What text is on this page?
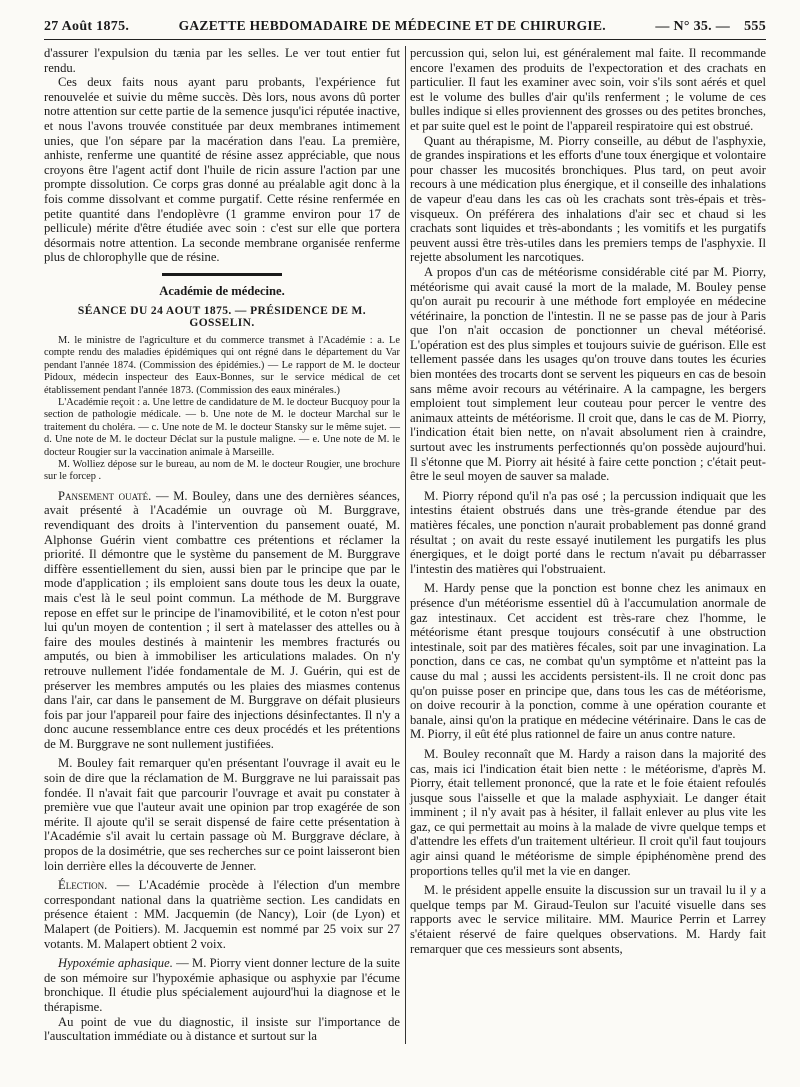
27 Août 1875.	GAZETTE HEBDOMADAIRE DE MÉDECINE ET DE CHIRURGIE.	— N° 35. — 555

d'assurer l'expulsion du tænia par les selles. Le ver tout entier fut rendu.

Ces deux faits nous ayant paru probants, l'expérience fut renouvelée et suivie du même succès. Dès lors, nous avons dû porter notre attention sur cette partie de la semence jusqu'ici réputée inactive, et nous l'avons trouvée constituée par deux membranes intimement unies, que l'on sépare par la macération dans l'eau. La première, anhiste, renferme une quantité de résine assez appréciable, que nous croyons être l'agent actif dont l'huile de ricin assure l'action par une prompte dissolution. Ce corps gras donné au préalable agit donc à la fois comme dissolvant et comme purgatif. Cette résine renfermée en petite quantité dans l'endoplèvre (1 gramme environ pour 17 de pellicule) mérite d'être étudiée avec soin : c'est sur elle que portera désormais notre attention. La seconde membrane organisée renferme plus de chlorophylle que de résine.

Académie de médecine.
SÉANCE DU 24 AOUT 1875. — PRÉSIDENCE DE M. GOSSELIN.

M. le ministre de l'agriculture et du commerce transmet à l'Académie : a. Le compte rendu des maladies épidémiques qui ont régné dans le département du Var pendant l'année 1874. (Commission des épidémies.) — Le rapport de M. le docteur Pidoux, médecin inspecteur des Eaux-Bonnes, sur le service médical de cet établissement pendant l'année 1873. (Commission des eaux minérales.)

L'Académie reçoit : a. Une lettre de candidature de M. le docteur Bucquoy pour la section de pathologie médicale. — b. Une note de M. le docteur Marchal sur le traitement du choléra. — c. Une note de M. le docteur Stansky sur le même sujet. — d. Une note de M. le docteur Déclat sur la pustule maligne. — e. Une note de M. le docteur Rougier sur la vaccination animale à Marseille.

M. Wolliez dépose sur le bureau, au nom de M. le docteur Rougier, une brochure sur le forcep .

Pansement ouaté. — M. Bouley, dans une des dernières séances, avait présenté à l'Académie un ouvrage où M. Burggrave, revendiquant des droits à l'intervention du pansement ouaté, M. Alphonse Guérin vient combattre ces prétentions et réclamer la priorité. Il démontre que le système du pansement de M. Burggrave diffère essentiellement du sien, aussi bien par le principe que par le mode d'application ; ils emploient sans doute tous les deux la ouate, mais c'est là le seul point commun. La méthode de M. Burggrave repose en effet sur le principe de l'inamovibilité, et le coton n'est pour lui qu'un moyen de contention ; il sert à matelasser des attelles ou à faire des moules destinés à maintenir les membres fracturés ou amputés, ou bien à immobiliser les articulations malades. On n'y retrouve nullement l'idée fondamentale de M. J. Guérin, qui est de préserver les membres amputés ou les plaies des miasmes contenus dans l'air, car dans le pansement de M. Burggrave on défait plusieurs fois par jour l'appareil pour faire des injections désinfectantes. Il n'y a donc aucune ressemblance entre ces deux procédés et les prétentions de M. Burggrave ne sont nullement justifiées.

M. Bouley fait remarquer qu'en présentant l'ouvrage il avait eu le soin de dire que la réclamation de M. Burggrave ne lui paraissait pas fondée. Il n'avait fait que parcourir l'ouvrage et avait pu constater à première vue que l'auteur avait une opinion par trop exagérée de son mérite. Il ajoute qu'il se serait dispensé de faire cette présentation à l'Académie s'il avait lu certain passage où M. Burggrave déclare, à propos de la dosimétrie, que ses recherches sur ce point laisseront bien loin derrière elles la découverte de Jenner.

Élection. — L'Académie procède à l'élection d'un membre correspondant national dans la quatrième section. Les candidats en présence étaient : MM. Jacquemin (de Nancy), Loir (de Lyon) et Malapert (de Poitiers). M. Jacquemin est nommé par 25 voix sur 27 votants. M. Malapert obtient 2 voix.

Hypoxémie aphasique. — M. Piorry vient donner lecture de la suite de son mémoire sur l'hypoxémie aphasique ou asphyxie par l'écume bronchique. Il étudie plus spécialement aujourd'hui la diagnose et le thérapisme.

Au point de vue du diagnostic, il insiste sur l'importance de l'auscultation immédiate ou à distance et surtout sur la

percussion qui, selon lui, est généralement mal faite. Il recommande encore l'examen des produits de l'expectoration et des crachats en particulier. Il faut les examiner avec soin, voir s'ils sont aérés et quel est le volume des bulles d'air qu'ils renferment ; le volume de ces bulles indique si elles proviennent des grosses ou des petites bronches, et par suite quel est le point de l'appareil respiratoire qui est obstrué.

Quant au thérapisme, M. Piorry conseille, au début de l'asphyxie, de grandes inspirations et les efforts d'une toux énergique et volontaire pour chasser les mucosités bronchiques. Plus tard, on peut avoir recours à une médication plus énergique, et il conseille des inhalations de vapeur d'eau dans les cas où les crachats sont très-épais et très-visqueux. On préférera des inhalations d'air sec et chaud si les crachats sont liquides et très-abondants ; les vomitifs et les purgatifs peuvent aussi être très-utiles dans les premiers temps de l'asphyxie. Il rejette absolument les narcotiques.

A propos d'un cas de météorisme considérable cité par M. Piorry, météorisme qui avait causé la mort de la malade, M. Bouley pense qu'on aurait pu recourir à une méthode fort employée en médecine vétérinaire, la ponction de l'intestin. Il ne se passe pas de jour à Paris que l'on n'ait occasion de ponctionner un cheval météorisé. L'opération est des plus simples et toujours suivie de guérison. Elle est tellement passée dans les usages qu'on trouve dans toutes les écuries bien montées des trocarts dont se servent les piqueurs en cas de besoin sans même avoir recours au vétérinaire. A la campagne, les bergers emploient tout simplement leur couteau pour percer le ventre des animaux atteints de météorisme. Il croit que, dans le cas de M. Piorry, l'indication était bien nette, on n'avait absolument rien à craindre, surtout avec les instruments perfectionnés qu'on possède aujourd'hui. Il s'étonne que M. Piorry ait hésité à faire cette ponction ; c'était peut-être le seul moyen de sauver sa malade.

M. Piorry répond qu'il n'a pas osé ; la percussion indiquait que les intestins étaient obstrués dans une très-grande étendue par des matières fécales, une ponction n'aurait probablement pas donné grand résultat ; on avait du reste essayé inutilement les purgatifs les plus énergiques, et le doigt porté dans le rectum n'avait pu débarrasser l'intestin des matières qui l'obstruaient.

M. Hardy pense que la ponction est bonne chez les animaux en présence d'un météorisme essentiel dû à l'accumulation anormale de gaz intestinaux. Cet accident est très-rare chez l'homme, le météorisme étant presque toujours consécutif à une obstruction intestinale, soit par des matières fécales, soit par une invagination. La ponction, dans ce cas, ne combat qu'un symptôme et n'atteint pas la cause du mal ; aussi les accidents persistent-ils. Il ne croit donc pas qu'on puisse poser en principe que, dans tous les cas de météorisme, on doive recourir à la ponction, comme à une opération courante et banale, ainsi qu'on la pratique en médecine vétérinaire. Dans le cas de M. Piorry, il eût été plus rationnel de faire un anus contre nature.

M. Bouley reconnaît que M. Hardy a raison dans la majorité des cas, mais ici l'indication était bien nette : le météorisme, d'après M. Piorry, était tellement prononcé, que la rate et le foie étaient refoulés jusque sous l'aisselle et que la malade asphyxiait. Le danger était imminent ; il n'y avait pas à hésiter, il fallait enlever au plus vite les gaz, ce qui permettait au moins à la malade de vivre quelque temps et d'attendre les effets d'un traitement ultérieur. Il croit qu'il faut toujours agir ainsi quand le météorisme de simple épiphénomène prend des proportions telles qu'il met la vie en danger.

M. le président appelle ensuite la discussion sur un travail lu il y a quelque temps par M. Giraud-Teulon sur l'acuité visuelle dans ses rapports avec le service militaire. MM. Maurice Perrin et Larrey s'étaient réservé de faire quelques observations. M. Hardy fait remarquer que ces messieurs sont absents,
